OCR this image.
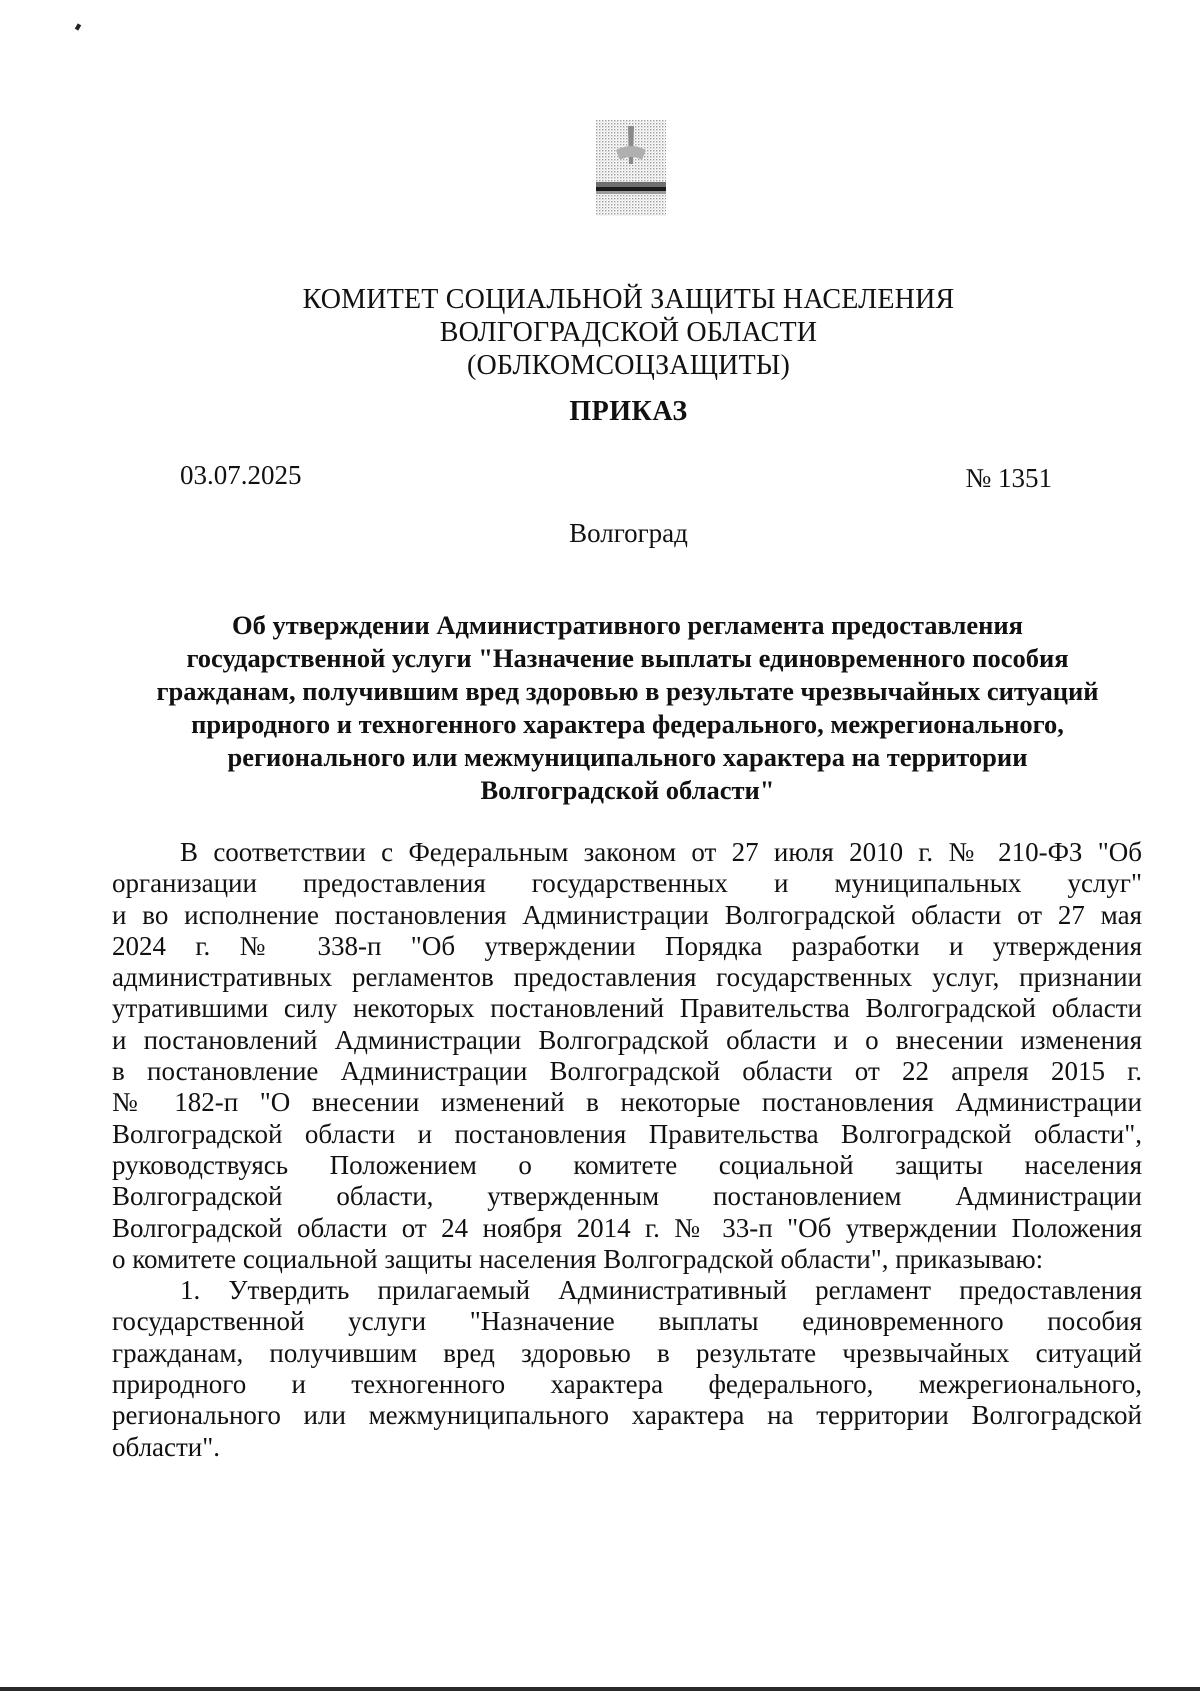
КОМИТЕТ СОЦИАЛЬНОЙ ЗАЩИТЫ НАСЕЛЕНИЯ
ВОЛГОГРАДСКОЙ ОБЛАСТИ
(ОБЛКОМСОЦЗАЩИТЫ)
ПРИКАЗ
03.07.2025	№ 1351
Волгоград
Об утверждении Административного регламента предоставления
государственной услуги "Назначение выплаты единовременного пособия
гражданам, получившим вред здоровью в результате чрезвычайных ситуаций
природного и техногенного характера федерального, межрегионального,
регионального или межмуниципального характера на территории
Волгоградской области"
В соответствии с Федеральным законом от 27 июля 2010 г. № 210-ФЗ "Об
организации предоставления государственных и муниципальных услуг"
и во исполнение постановления Администрации Волгоградской области от 27 мая
2024 г. № 338-п "Об утверждении Порядка разработки и утверждения
административных регламентов предоставления государственных услуг, признании
утратившими силу некоторых постановлений Правительства Волгоградской области
и постановлений Администрации Волгоградской области и о внесении изменения
в постановление Администрации Волгоградской области от 22 апреля 2015 г.
№ 182-п "О внесении изменений в некоторые постановления Администрации
Волгоградской области и постановления Правительства Волгоградской области",
руководствуясь Положением о комитете социальной защиты населения
Волгоградской области, утвержденным постановлением Администрации
Волгоградской области от 24 ноября 2014 г. № 33-п "Об утверждении Положения
о комитете социальной защиты населения Волгоградской области", приказываю:
1. Утвердить прилагаемый Административный регламент предоставления
государственной услуги "Назначение выплаты единовременного пособия
гражданам, получившим вред здоровью в результате чрезвычайных ситуаций
природного и техногенного характера федерального, межрегионального,
регионального или межмуниципального характера на территории Волгоградской
области".
